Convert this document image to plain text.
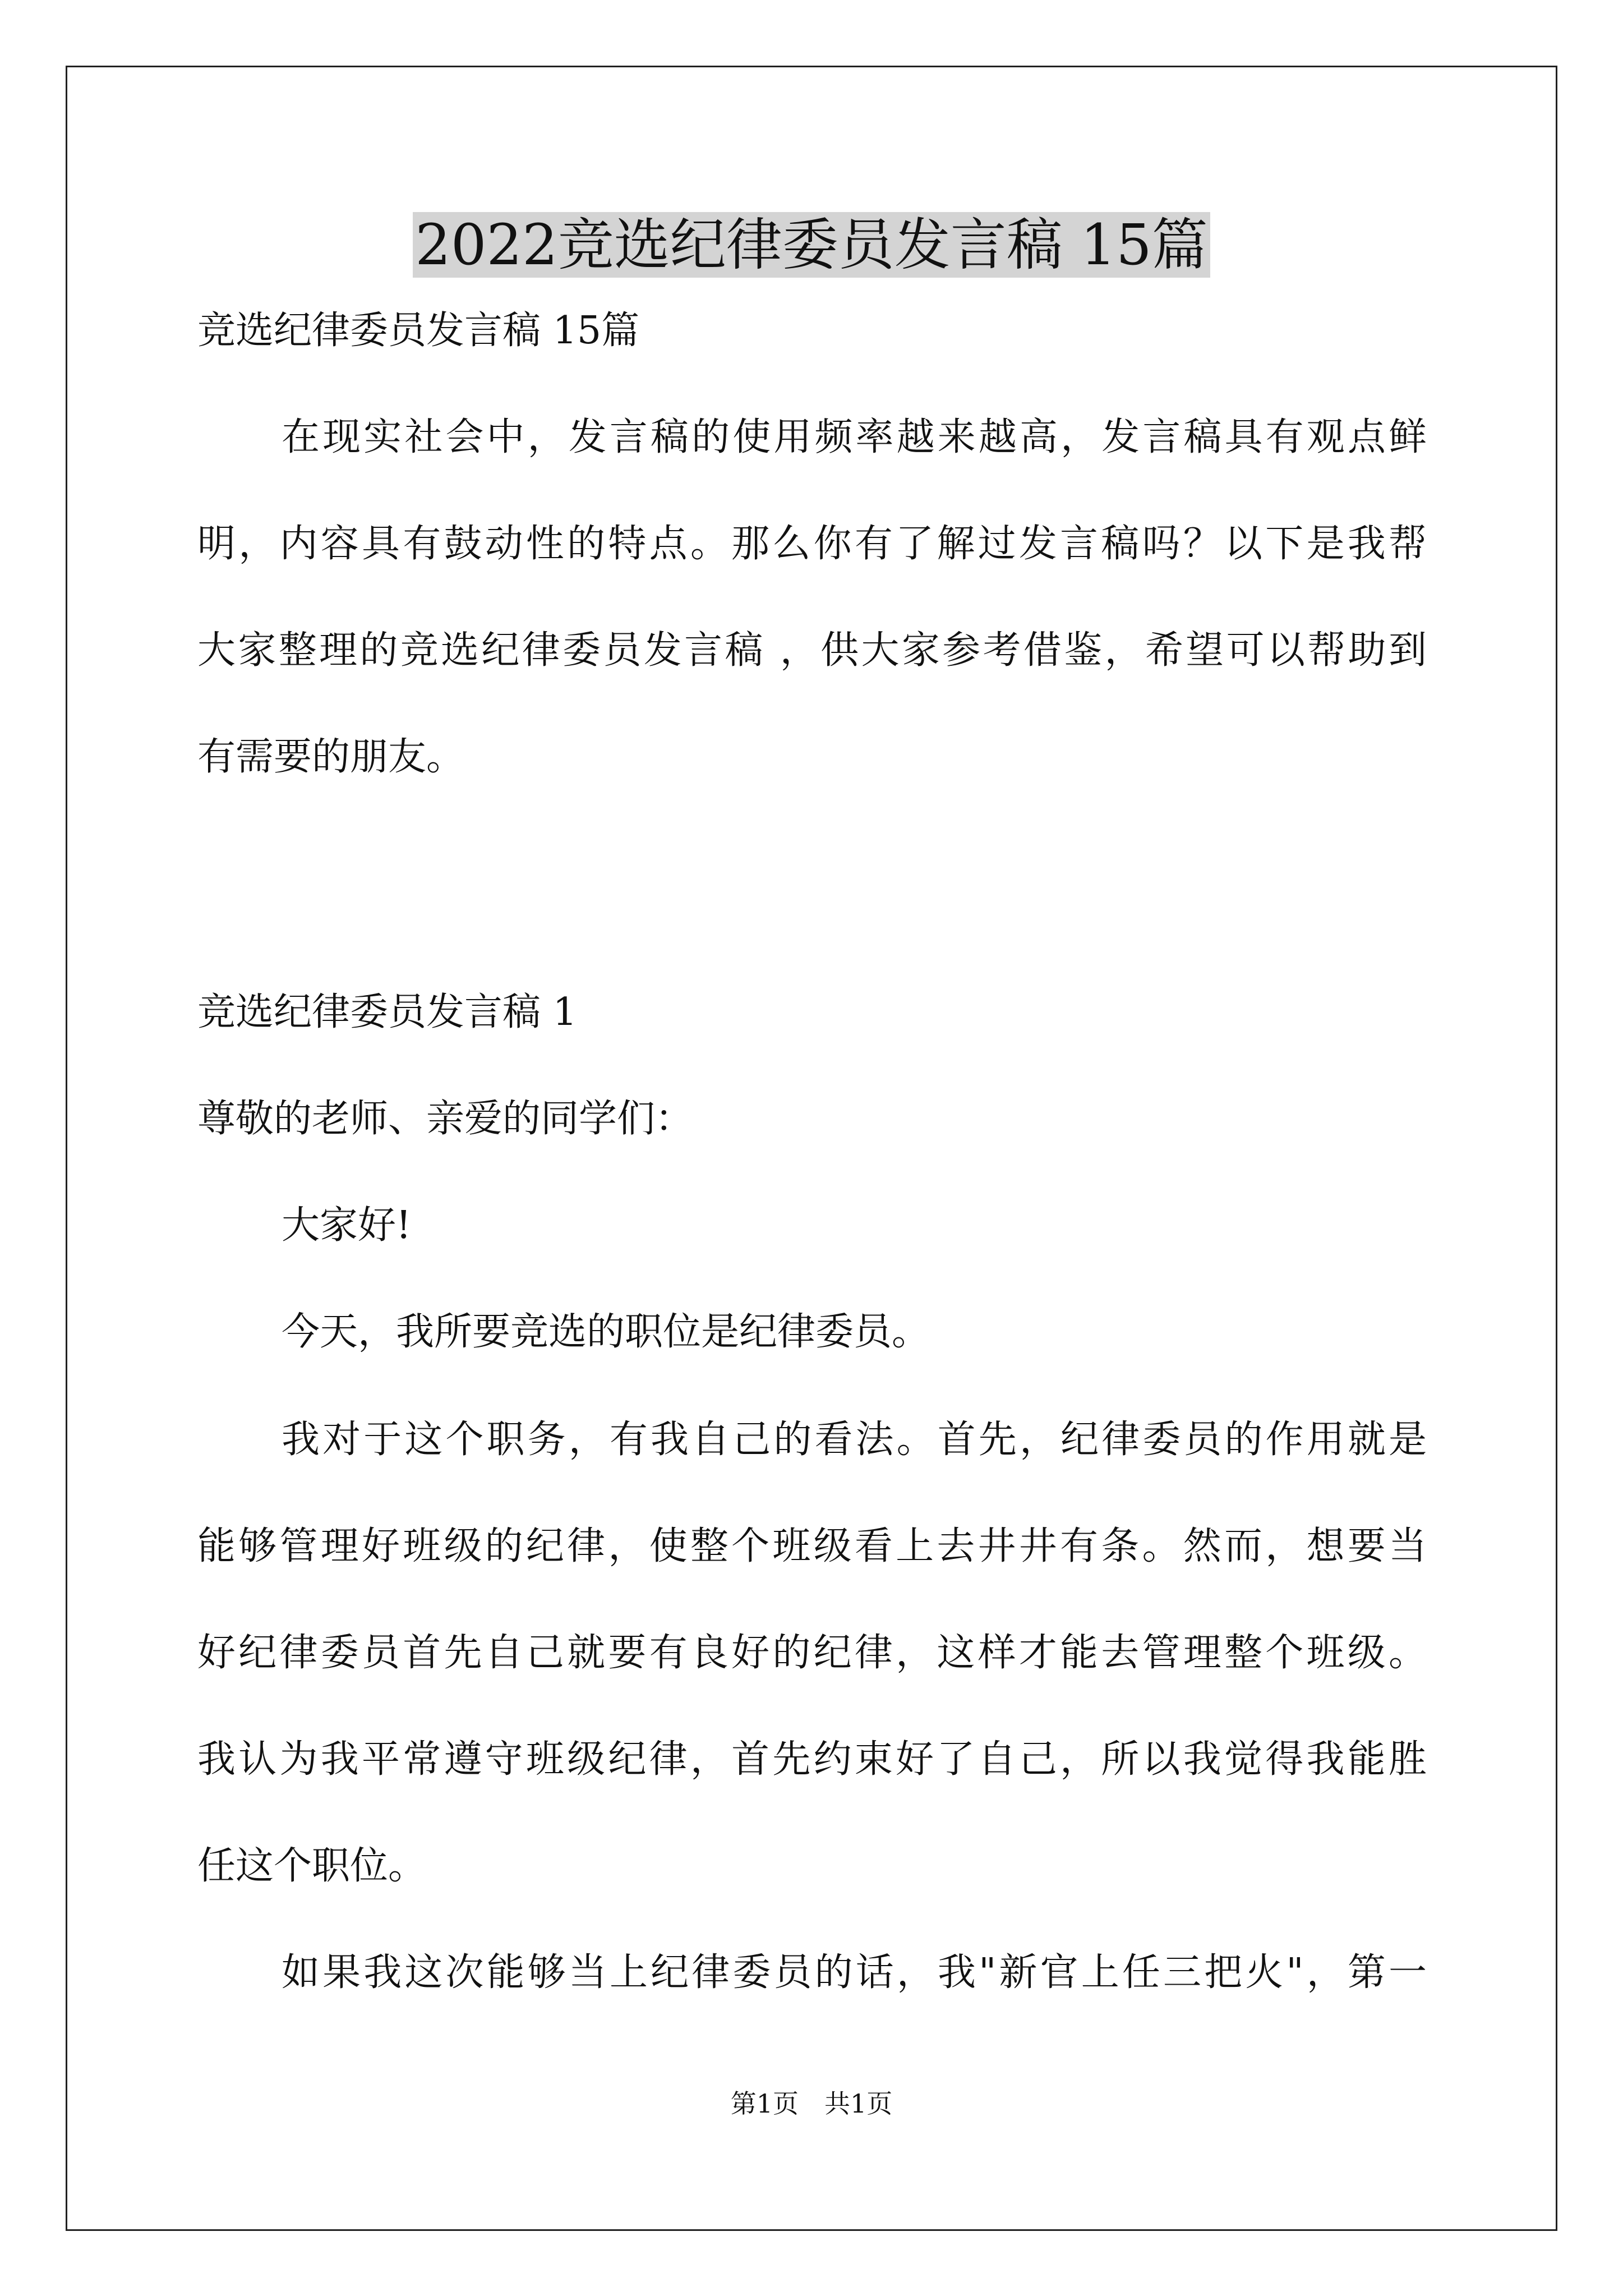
2022竞选纪律委员发言稿 15篇
竞选纪律委员发言稿 15篇
在现实社会中，发言稿的使用频率越来越高，发言稿具有观点鲜
明，内容具有鼓动性的特点。那么你有了解过发言稿吗？以下是我帮
大家整理的竞选纪律委员发言稿 ，供大家参考借鉴，希望可以帮助到
有需要的朋友。
竞选纪律委员发言稿 1
尊敬的老师、亲爱的同学们：
大家好!
今天，我所要竞选的职位是纪律委员。
我对于这个职务，有我自己的看法。首先，纪律委员的作用就是
能够管理好班级的纪律，使整个班级看上去井井有条。然而，想要当
好纪律委员首先自己就要有良好的纪律，这样才能去管理整个班级。
我认为我平常遵守班级纪律，首先约束好了自己，所以我觉得我能胜
任这个职位。
如果我这次能够当上纪律委员的话，我"新官上任三把火"，第一
第1页　共1页
